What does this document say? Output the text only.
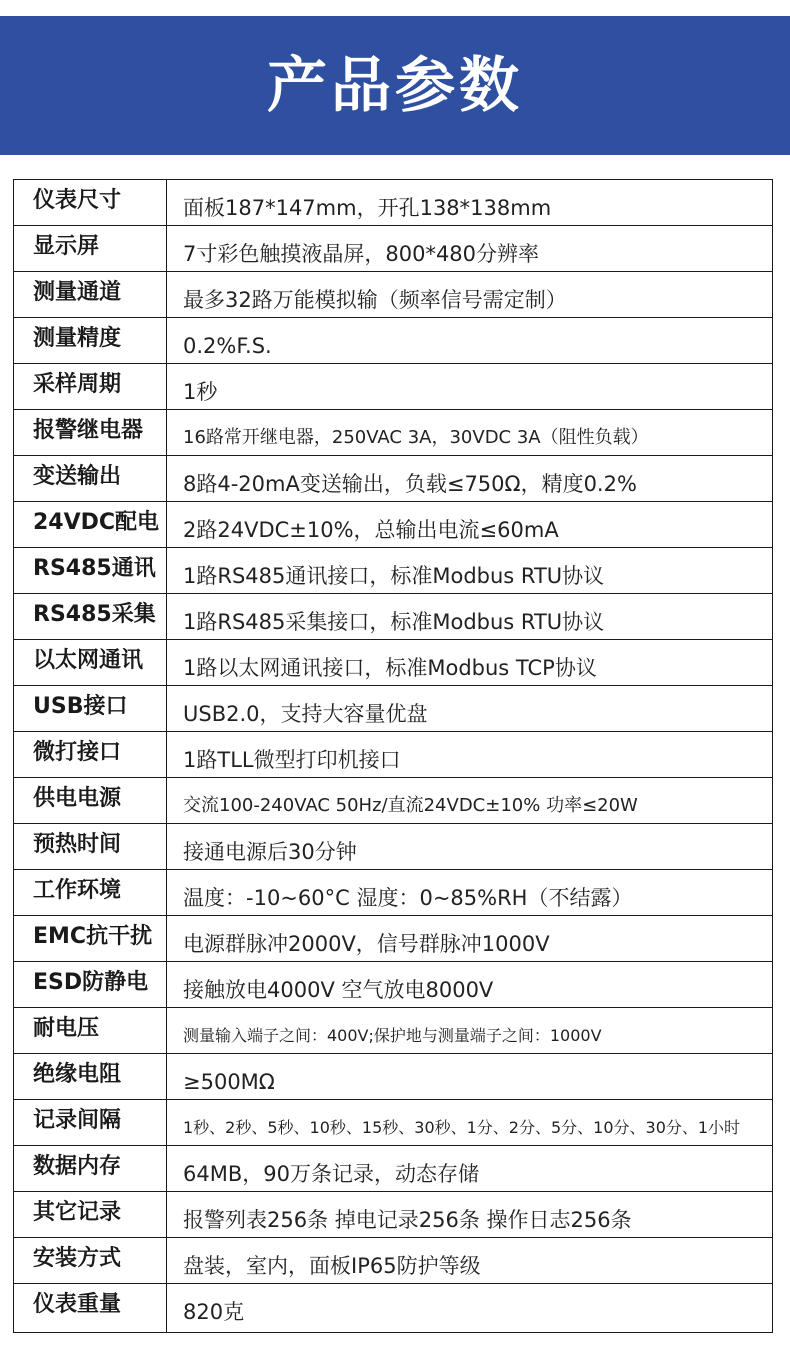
产品参数
仪表尺寸	面板187*147mm，开孔138*138mm

显示屏	7寸彩色触摸液晶屏，800*480分辨率

测量通道	最多32路万能模拟输（频率信号需定制）

测量精度	0.2%F.S.

采样周期	1秒

报警继电器	16路常开继电器，250VAC 3A，30VDC 3A（阻性负载）

变送输出	8路4-20mA变送输出，负载≤750Ω，精度0.2%

24VDC配电	2路24VDC±10%，总输出电流≤60mA

RS485通讯	1路RS485通讯接口，标准Modbus RTU协议

RS485采集	1路RS485采集接口，标准Modbus RTU协议

以太网通讯	1路以太网通讯接口，标准Modbus TCP协议

USB接口	USB2.0，支持大容量优盘

微打接口	1路TLL微型打印机接口

供电电源	交流100-240VAC 50Hz/直流24VDC±10% 功率≤20W

预热时间	接通电源后30分钟

工作环境	温度：-10~60°C 湿度：0~85%RH（不结露）

EMC抗干扰	电源群脉冲2000V，信号群脉冲1000V

ESD防静电	接触放电4000V 空气放电8000V

耐电压	测量输入端子之间：400V;保护地与测量端子之间：1000V

绝缘电阻	≥500MΩ

记录间隔	1秒、2秒、5秒、10秒、15秒、30秒、1分、2分、5分、10分、30分、1小时

数据内存	64MB，90万条记录，动态存储

其它记录	报警列表256条 掉电记录256条 操作日志256条

安装方式	盘装，室内，面板IP65防护等级

仪表重量	820克
